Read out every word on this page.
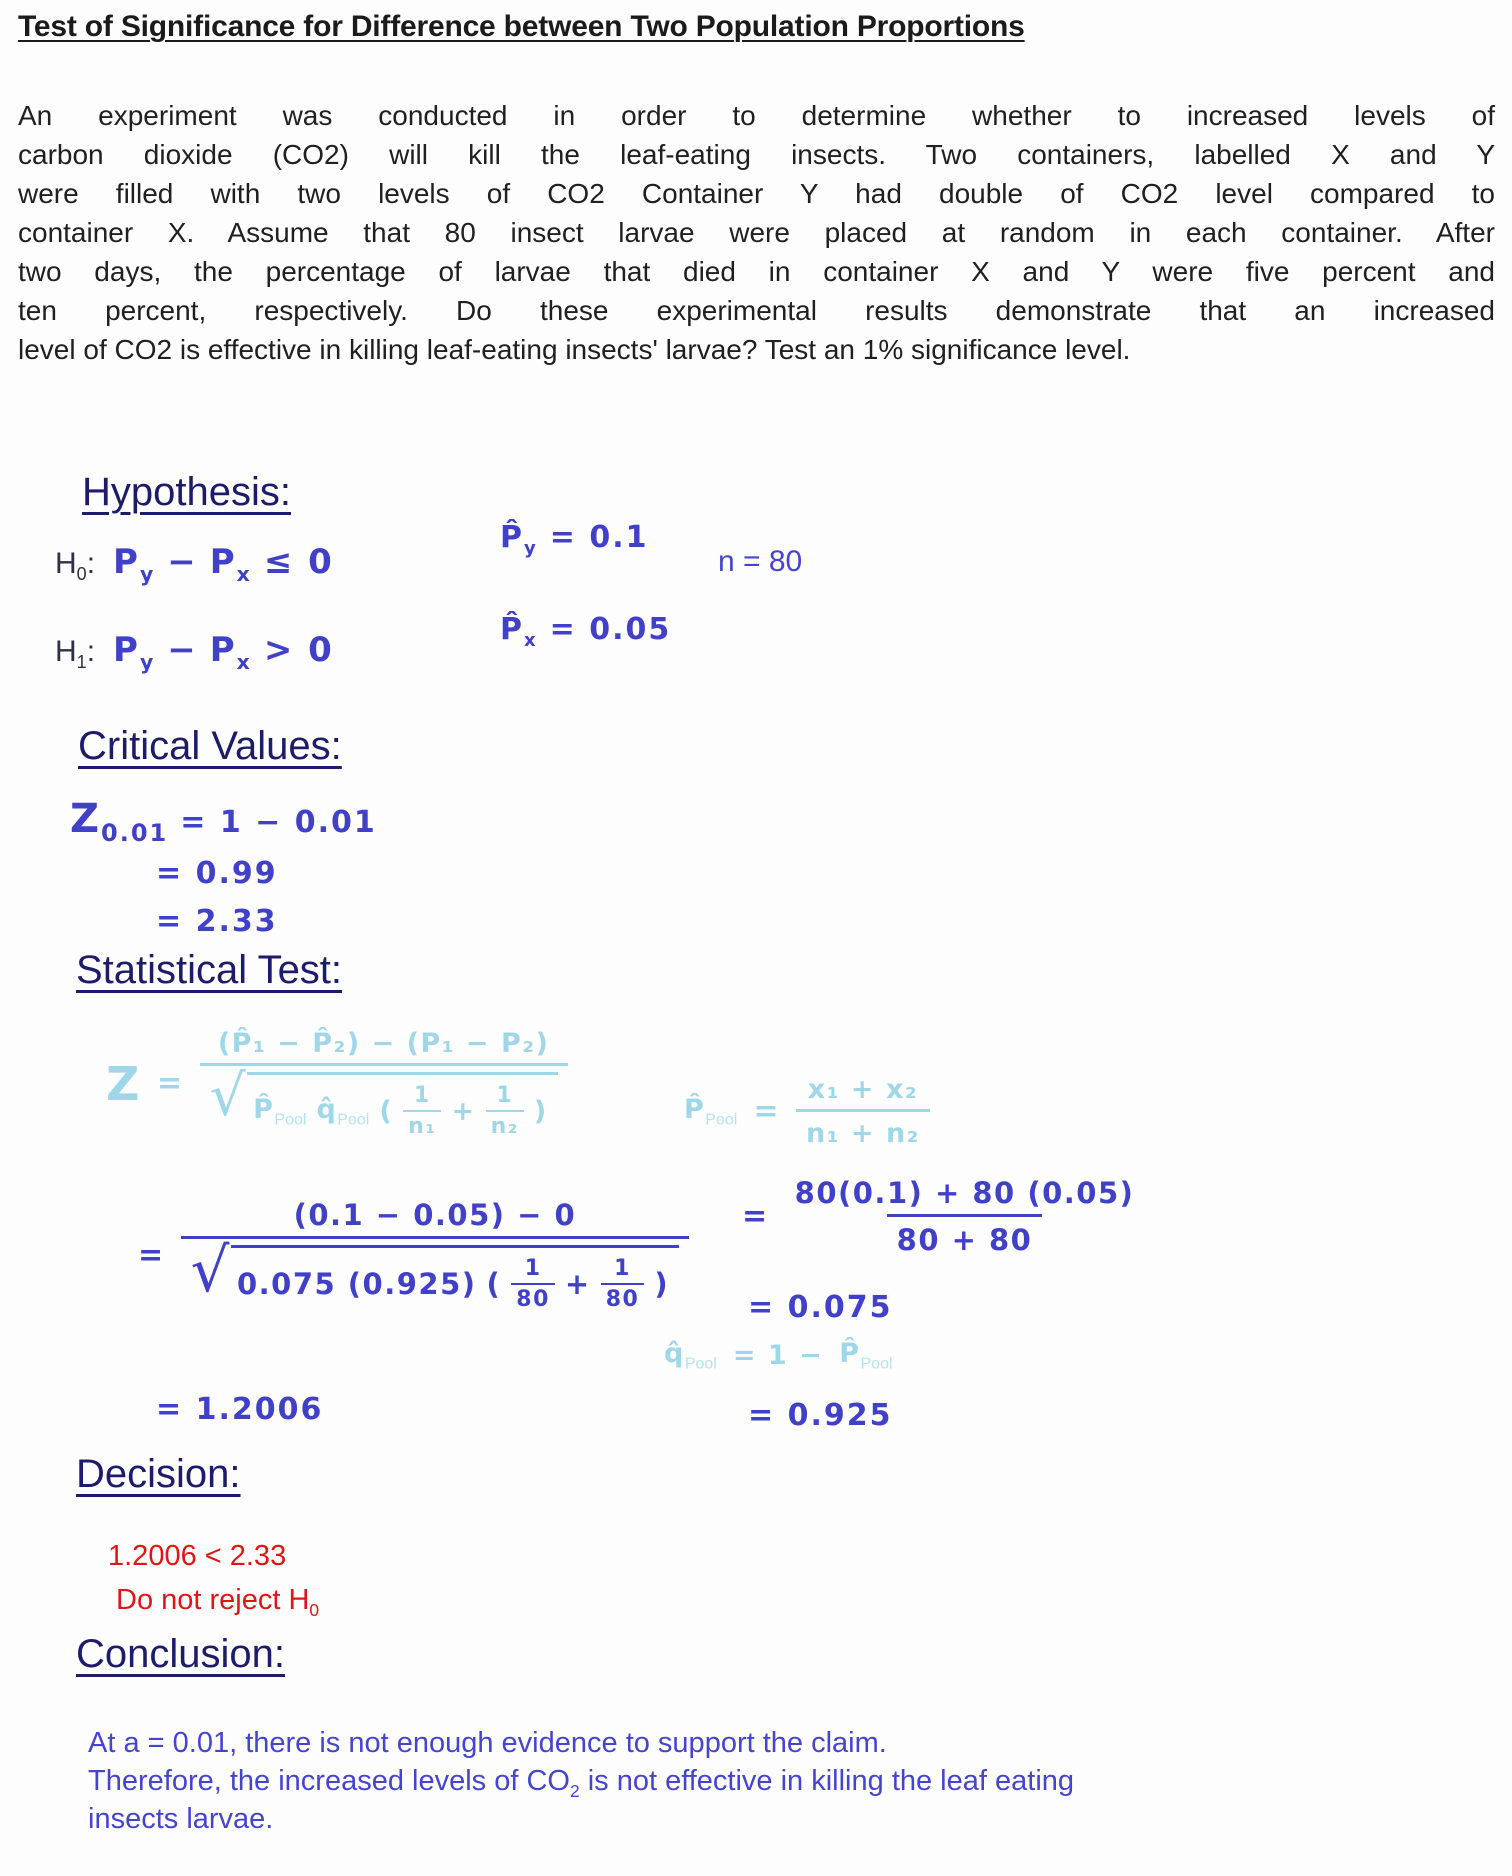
Test of Significance for Difference between Two Population Proportions
An experiment was conducted in order to determine whether to increased levels of
carbon dioxide (CO2) will kill the leaf-eating insects. Two containers, labelled X and Y
were filled with two levels of CO2 Container Y had double of CO2 level compared to
container X. Assume that 80 insect larvae were placed at random in each container. After
two days, the percentage of larvae that died in container X and Y were five percent and
ten percent, respectively. Do these experimental results demonstrate that an increased
level of CO2 is effective in killing leaf-eating insects' larvae? Test an 1% significance level.
Hypothesis:
$H_0$: $P_y - P_x \le 0$
$P̂_y = 0.1$
n = 80
$H_1$: $P_y - P_x > 0$
$P̂_x = 0.05$
Critical Values:
$Z_{0.01} = 1 - 0.01$
= 0.99
= 2.33
Statistical Test:
Z =
(P̂₁ − P̂₂) − (P₁ − P₂)
√ $P̂_{Pool}$ $q̂_{Pool}$ ( $\frac{1}{\text{n₁}} + \frac{1}{\text{n₂}}$ )	$P̂_{Pool} = \frac{\text{x₁ + x₂}}{\text{n₁ + n₂}}$
=
(0.1 − 0.05) − 0
√ 0.075 (0.925) ( $\frac{1}{80} + \frac{1}{80}$ )
= $\frac{80(0.1) + 80 (0.05)}{80 + 80}$
= 0.075
$q̂_{Pool} = 1$ − $P̂_{Pool}$
= 0.925
= 1.2006
Decision:
1.2006 < 2.33
Do not reject $H_0$
Conclusion:
At a = 0.01, there is not enough evidence to support the claim.
Therefore, the increased levels of $CO_2$ is not effective in killing the leaf eating
insects larvae.
